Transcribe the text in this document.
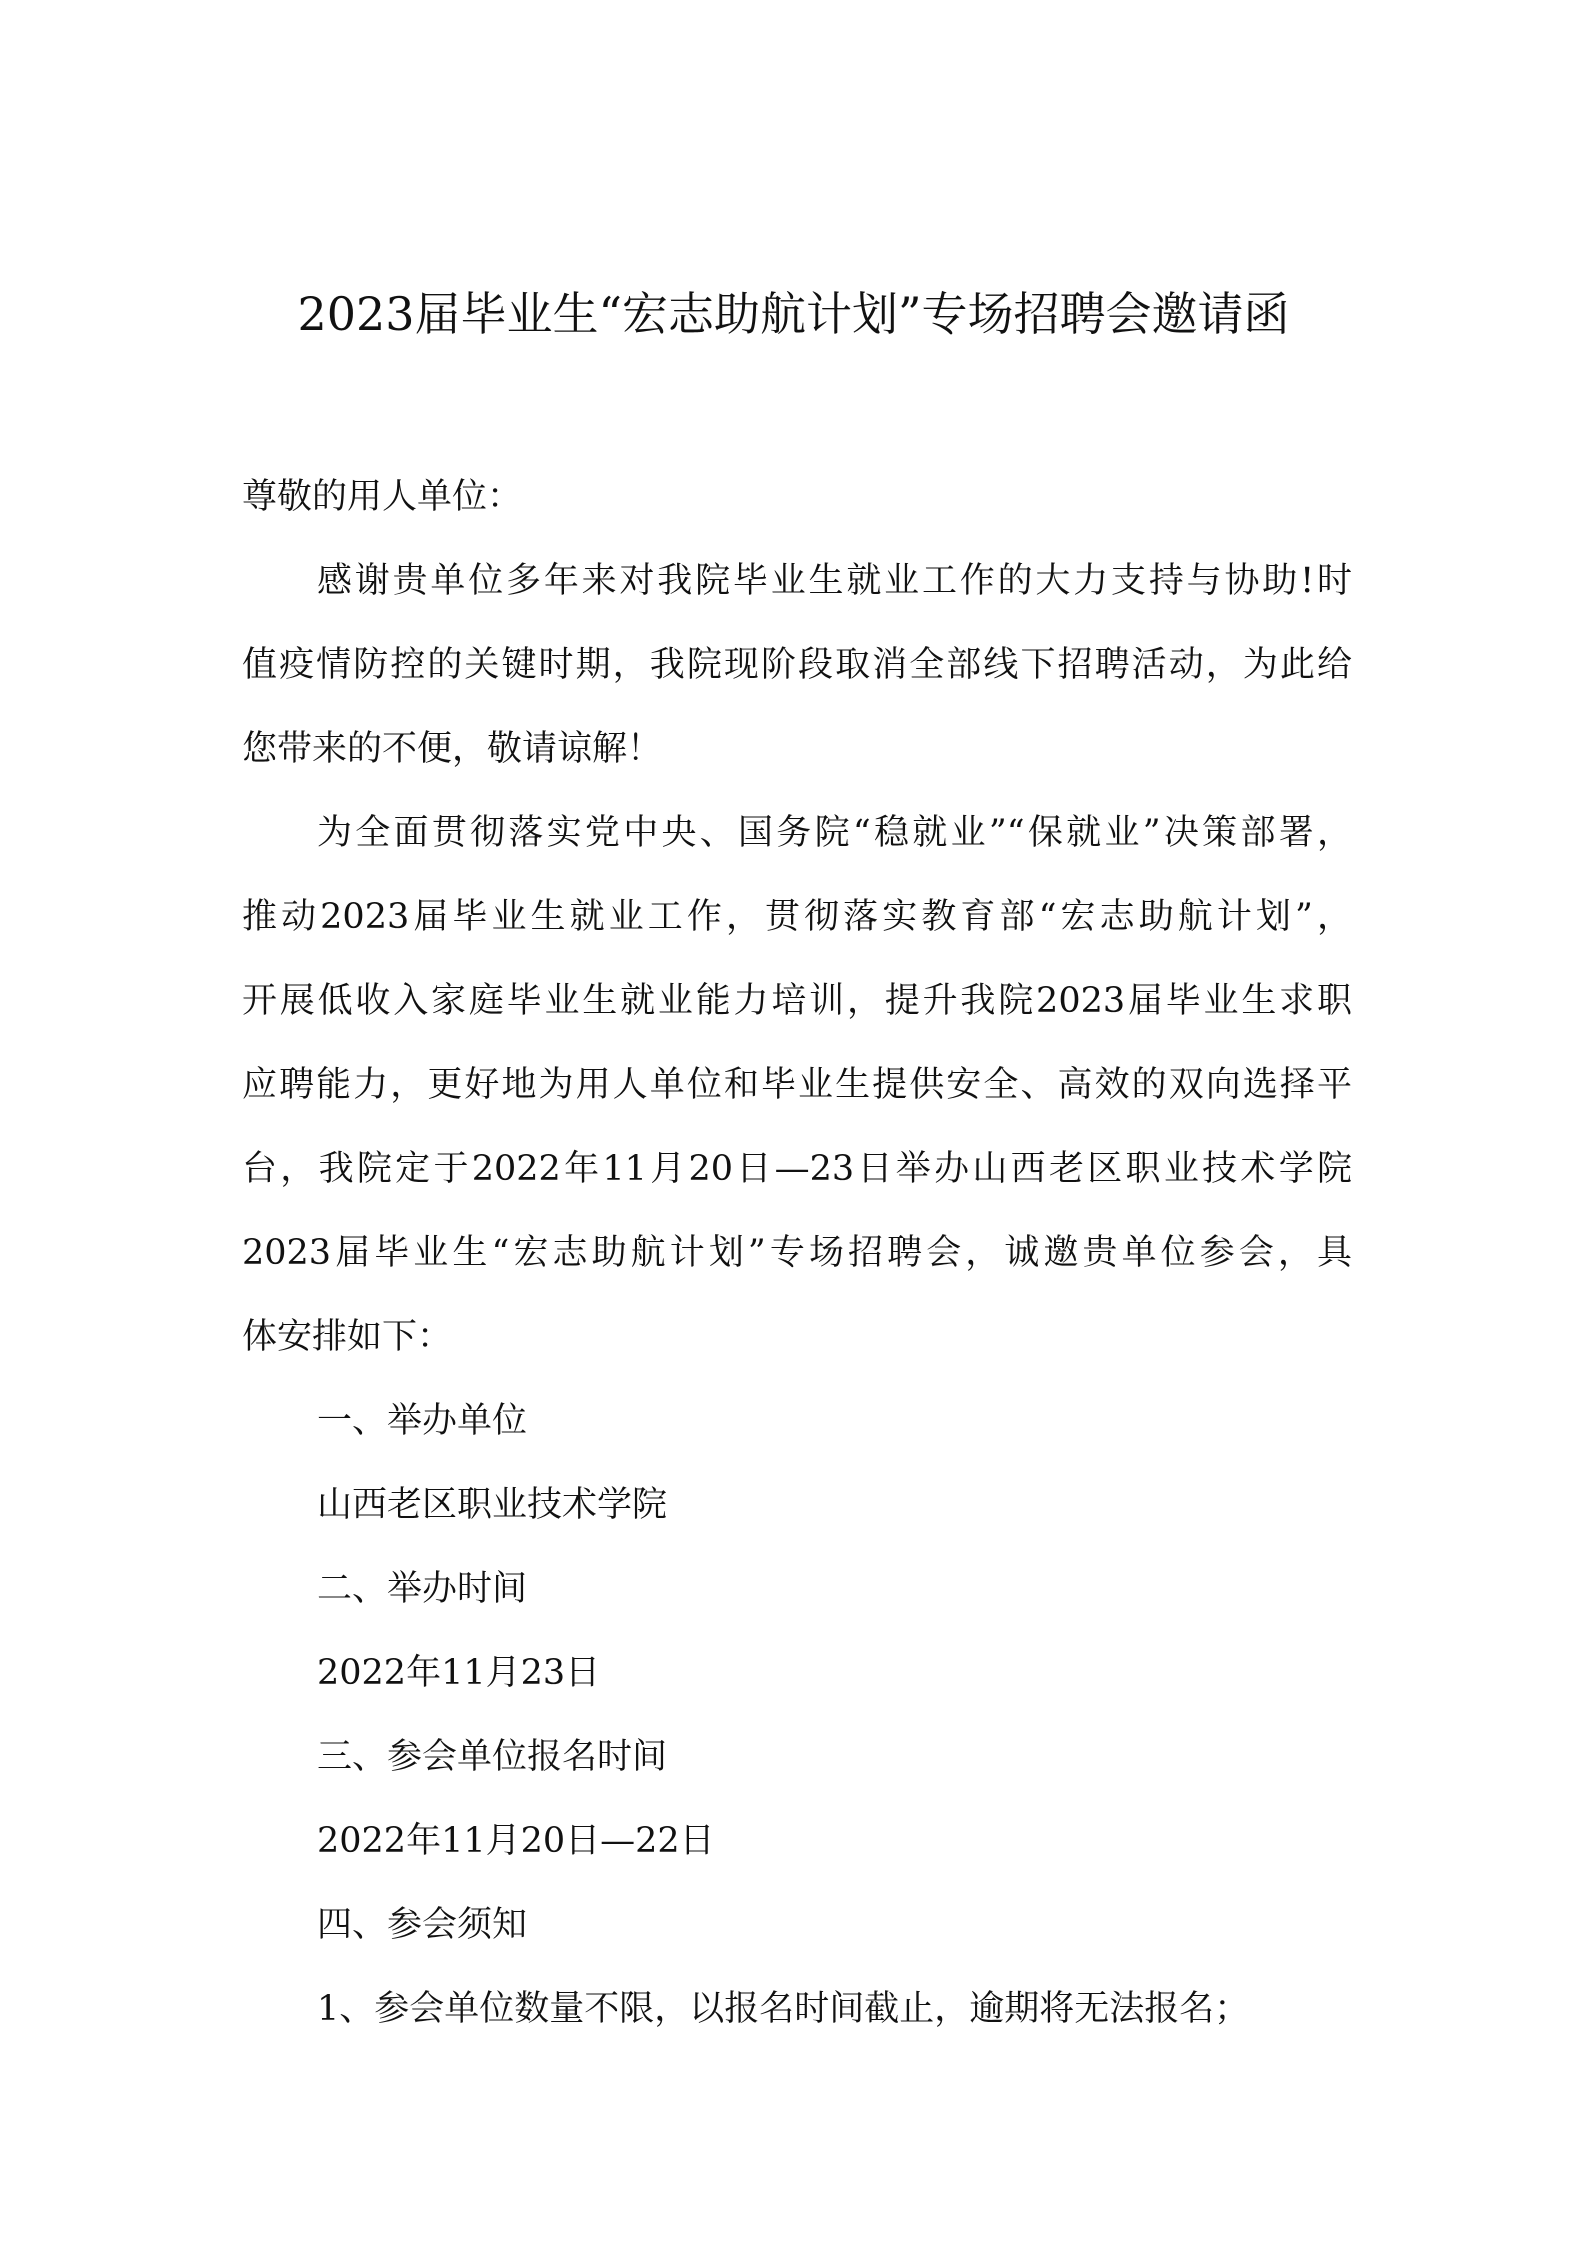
2023届毕业生“宏志助航计划”专场招聘会邀请函

尊敬的用人单位：

感谢贵单位多年来对我院毕业生就业工作的大力支持与协助!时
值疫情防控的关键时期，我院现阶段取消全部线下招聘活动，为此给
您带来的不便，敬请谅解！

为全面贯彻落实党中央、国务院“稳就业”“保就业”决策部署，
推动2023届毕业生就业工作，贯彻落实教育部“宏志助航计划”，
开展低收入家庭毕业生就业能力培训，提升我院2023届毕业生求职
应聘能力，更好地为用人单位和毕业生提供安全、高效的双向选择平
台，我院定于2022年11月20日—23日举办山西老区职业技术学院
2023届毕业生“宏志助航计划”专场招聘会，诚邀贵单位参会，具
体安排如下：

一、举办单位

山西老区职业技术学院

二、举办时间

2022年11月23日

三、参会单位报名时间

2022年11月20日—22日

四、参会须知

1、参会单位数量不限，以报名时间截止，逾期将无法报名；
